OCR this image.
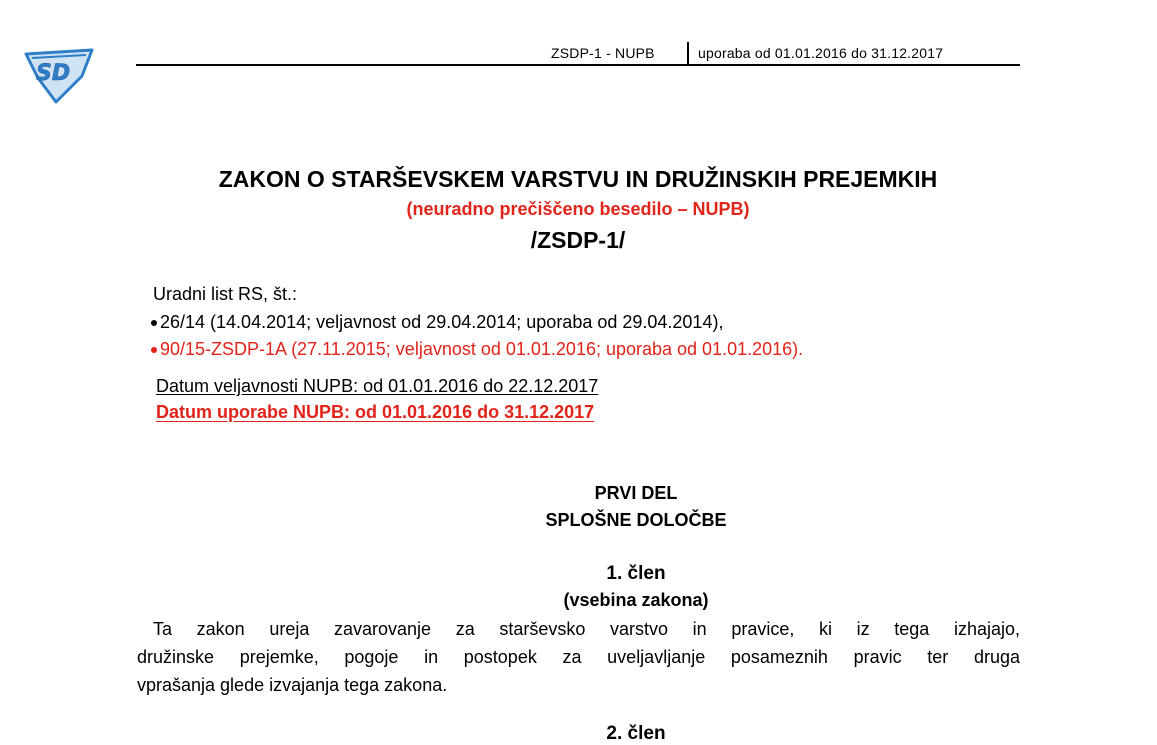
SD
ZSDP-1 - NUPB	uporaba od 01.01.2016 do 31.12.2017
ZAKON O STARŠEVSKEM VARSTVU IN DRUŽINSKIH PREJEMKIH
(neuradno prečiščeno besedilo – NUPB)
/ZSDP-1/
Uradni list RS, št.:
26/14 (14.04.2014; veljavnost od 29.04.2014; uporaba od 29.04.2014),
90/15-ZSDP-1A (27.11.2015; veljavnost od 01.01.2016; uporaba od 01.01.2016).
Datum veljavnosti NUPB: od 01.01.2016 do 22.12.2017
Datum uporabe NUPB: od 01.01.2016 do 31.12.2017
PRVI DEL
SPLOŠNE DOLOČBE
1. člen
(vsebina zakona)
Ta zakon ureja zavarovanje za starševsko varstvo in pravice, ki iz tega izhajajo,
družinske prejemke, pogoje in postopek za uveljavljanje posameznih pravic ter druga
vprašanja glede izvajanja tega zakona.
2. člen
